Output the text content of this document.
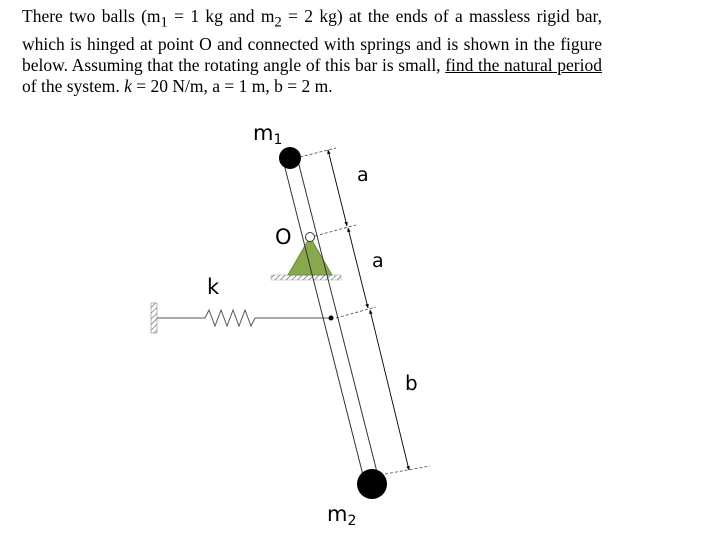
There two balls ($m_1 = 1$ kg and $m_2 = 2$ kg) at the ends of a massless rigid bar, which is hinged at point O and connected with springs and is shown in the figure below. Assuming that the rotating angle of this bar is small, find the natural period of the system. k = 20 N/m, a = 1 m, b = 2 m.
m1
m2
O
k
a
a
b
